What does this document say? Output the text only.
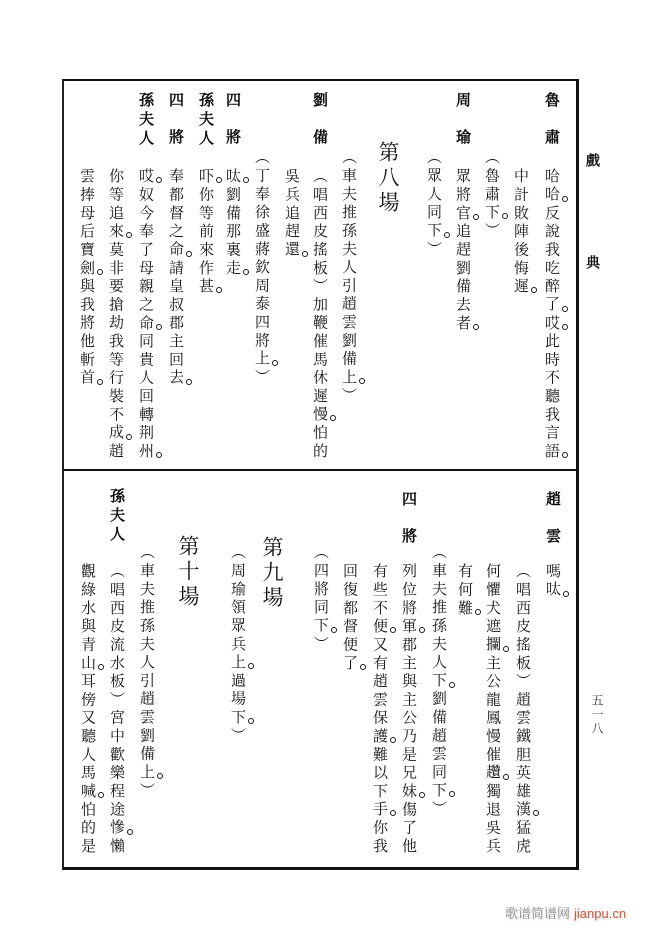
戲典
五一八
魯肅
哈哈反說我吃醉了哎此時不聽我言語
中計敗陣後悔遲
（魯肅下）
周瑜
眾將官追趕劉備去者
（眾人同下）
第八場
（車夫推孫夫人引趙雲劉備上）
劉備
（唱西皮搖板）加鞭催馬休遲慢怕的
吳兵追趕還
（丁奉徐盛蔣欽周泰四將上）
四將
呔劉備那裏走
孫夫人
吓你等前來作甚
四將
奉都督之命請皇叔郡主回去
孫夫人
哎奴今奉了母親之命同貴人回轉荆州
你等追來莫非要搶劫我等行裝不成趙
雲捧母后寶劍與我將他斬首
趙雲
嗎呔
（唱西皮搖板）趙雲鐵胆英雄漢猛虎
何懼犬遮攔主公龍鳳慢催趲獨退吳兵
有何難
（車夫推孫夫人下劉備趙雲同下）
四將
列位將軍郡主與主公乃是兄妹傷了他
有些不便又有趙雲保護難以下手你我
回復都督便了
（四將同下）
第九場
（周瑜領眾兵上過場下）
第十場
（車夫推孫夫人引趙雲劉備上）
孫夫人
（唱西皮流水板）宮中歡樂程途慘懶
觀綠水與青山耳傍又聽人馬喊怕的是
歌谱简谱网 jianpu.cn
